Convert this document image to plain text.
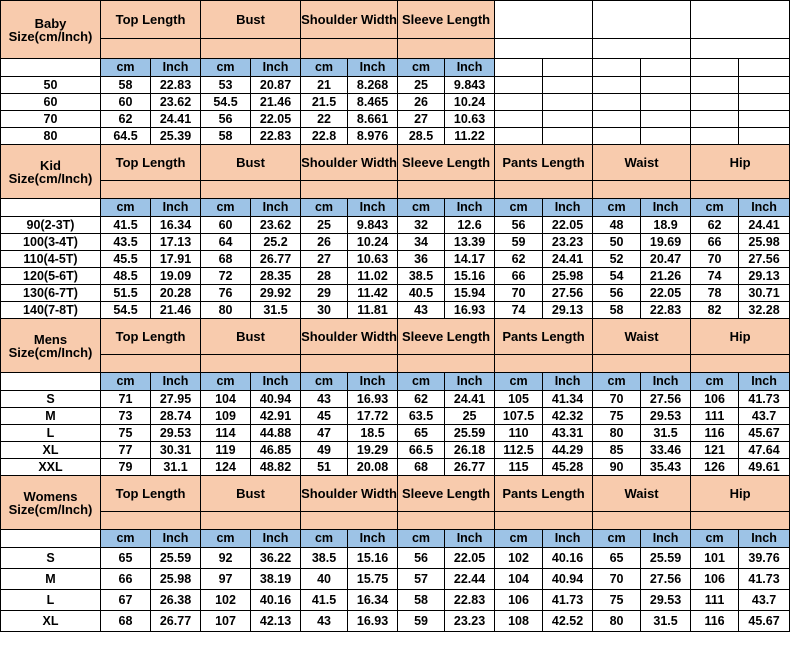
Baby Size(cm/Inch)	Top Length		Bust		Shoulder Width		Sleeve Length							

	cm	Inch	cm	Inch	cm	Inch	cm	Inch						
50	58	22.83	53	20.87	21	8.268	25	9.843						
60	60	23.62	54.5	21.46	21.5	8.465	26	10.24						
70	62	24.41	56	22.05	22	8.661	27	10.63						
80	64.5	25.39	58	22.83	22.8	8.976	28.5	11.22						
Kid Size(cm/Inch)	Top Length		Bust		Shoulder Width		Sleeve Length		Pants Length		Waist		Hip	

	cm	Inch	cm	Inch	cm	Inch	cm	Inch	cm	Inch	cm	Inch	cm	Inch
90(2-3T)	41.5	16.34	60	23.62	25	9.843	32	12.6	56	22.05	48	18.9	62	24.41
100(3-4T)	43.5	17.13	64	25.2	26	10.24	34	13.39	59	23.23	50	19.69	66	25.98
110(4-5T)	45.5	17.91	68	26.77	27	10.63	36	14.17	62	24.41	52	20.47	70	27.56
120(5-6T)	48.5	19.09	72	28.35	28	11.02	38.5	15.16	66	25.98	54	21.26	74	29.13
130(6-7T)	51.5	20.28	76	29.92	29	11.42	40.5	15.94	70	27.56	56	22.05	78	30.71
140(7-8T)	54.5	21.46	80	31.5	30	11.81	43	16.93	74	29.13	58	22.83	82	32.28
Mens Size(cm/Inch)	Top Length		Bust		Shoulder Width		Sleeve Length		Pants Length		Waist		Hip	

	cm	Inch	cm	Inch	cm	Inch	cm	Inch	cm	Inch	cm	Inch	cm	Inch
S	71	27.95	104	40.94	43	16.93	62	24.41	105	41.34	70	27.56	106	41.73
M	73	28.74	109	42.91	45	17.72	63.5	25	107.5	42.32	75	29.53	111	43.7
L	75	29.53	114	44.88	47	18.5	65	25.59	110	43.31	80	31.5	116	45.67
XL	77	30.31	119	46.85	49	19.29	66.5	26.18	112.5	44.29	85	33.46	121	47.64
XXL	79	31.1	124	48.82	51	20.08	68	26.77	115	45.28	90	35.43	126	49.61
Womens Size(cm/Inch)	Top Length		Bust		Shoulder Width		Sleeve Length		Pants Length		Waist		Hip	

	cm	Inch	cm	Inch	cm	Inch	cm	Inch	cm	Inch	cm	Inch	cm	Inch
S	65	25.59	92	36.22	38.5	15.16	56	22.05	102	40.16	65	25.59	101	39.76
M	66	25.98	97	38.19	40	15.75	57	22.44	104	40.94	70	27.56	106	41.73
L	67	26.38	102	40.16	41.5	16.34	58	22.83	106	41.73	75	29.53	111	43.7
XL	68	26.77	107	42.13	43	16.93	59	23.23	108	42.52	80	31.5	116	45.67
